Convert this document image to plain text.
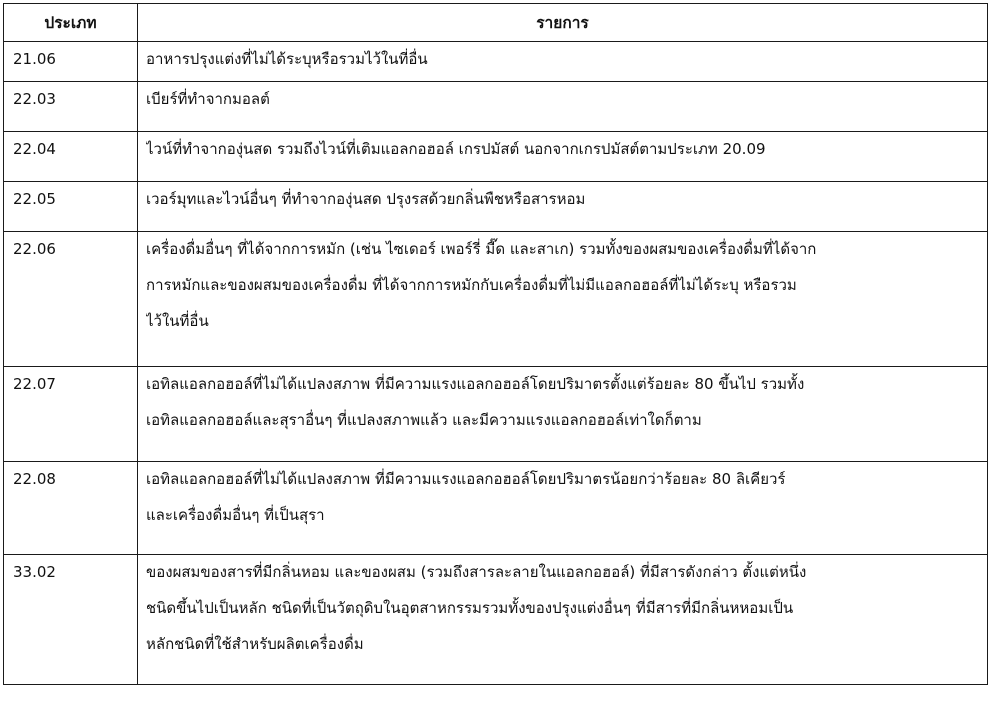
ประเภท	รายการ
21.06	อาหารปรุงแต่งที่ไม่ได้ระบุหรือรวมไว้ในที่อื่น

22.03	เบียร์ที่ทำจากมอลต์

22.04	ไวน์ที่ทำจากองุ่นสด รวมถึงไวน์ที่เติมแอลกอฮอล์ เกรปมัสต์ นอกจากเกรปมัสต์ตามประเภท 20.09

22.05	เวอร์มุทและไวน์อื่นๆ ที่ทำจากองุ่นสด ปรุงรสด้วยกลิ่นพืชหรือสารหอม

22.06	เครื่องดื่มอื่นๆ ที่ได้จากการหมัก (เช่น ไซเดอร์ เพอร์รี่ มี๊ด และสาเก) รวมทั้งของผสมของเครื่องดื่มที่ได้จาก
การหมักและของผสมของเครื่องดื่ม ที่ได้จากการหมักกับเครื่องดื่มที่ไม่มีแอลกอฮอล์ที่ไม่ได้ระบุ หรือรวม
ไว้ในที่อื่น

22.07	เอทิลแอลกอฮอล์ที่ไม่ได้แปลงสภาพ ที่มีความแรงแอลกอฮอล์โดยปริมาตรตั้งแต่ร้อยละ 80 ขึ้นไป รวมทั้ง
เอทิลแอลกอฮอล์และสุราอื่นๆ ที่แปลงสภาพแล้ว และมีความแรงแอลกอฮอล์เท่าใดก็ตาม

22.08	เอทิลแอลกอฮอล์ที่ไม่ได้แปลงสภาพ ที่มีความแรงแอลกอฮอล์โดยปริมาตรน้อยกว่าร้อยละ 80 ลิเคียวร์
และเครื่องดื่มอื่นๆ ที่เป็นสุรา

33.02	ของผสมของสารที่มีกลิ่นหอม และของผสม (รวมถึงสารละลายในแอลกอฮอล์) ที่มีสารดังกล่าว ตั้งแต่หนึ่ง
ชนิดขึ้นไปเป็นหลัก ชนิดที่เป็นวัตถุดิบในอุตสาหกรรมรวมทั้งของปรุงแต่งอื่นๆ ที่มีสารที่มีกลิ่นหหอมเป็น
หลักชนิดที่ใช้สำหรับผลิตเครื่องดื่ม
